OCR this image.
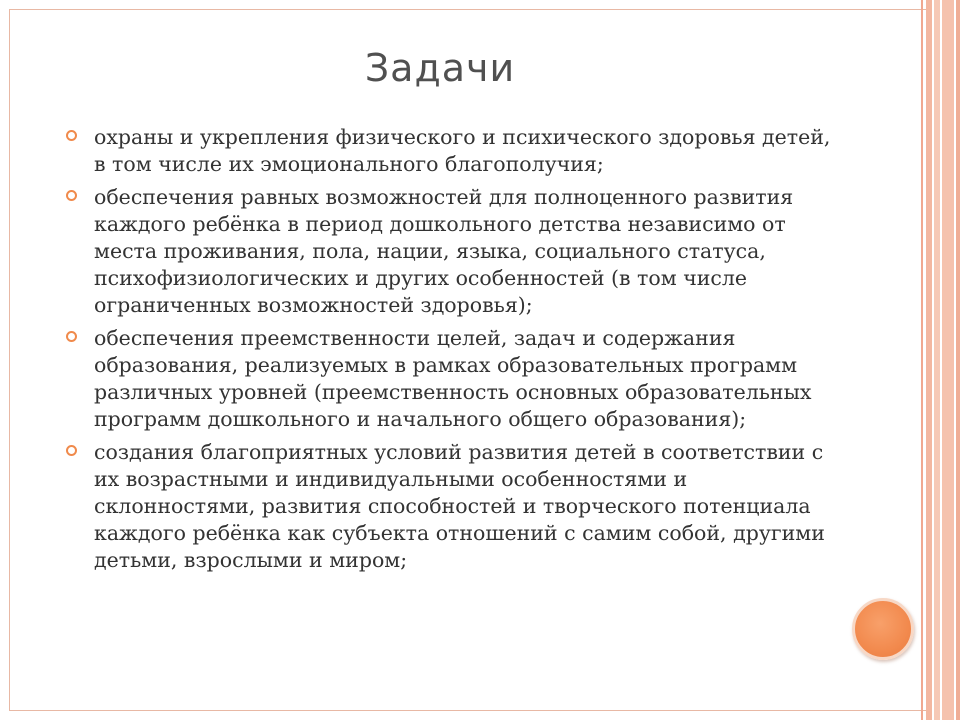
Задачи
охраны и укрепления физического и психического здоровья детей, в том числе их эмоционального благополучия;
обеспечения равных возможностей для полноценного развития каждого ребёнка в период дошкольного детства независимо от места проживания, пола, нации, языка, социального статуса, психофизиологических и других особенностей (в том числе ограниченных возможностей здоровья);
обеспечения преемственности целей, задач и содержания образования, реализуемых в рамках образовательных программ различных уровней (преемственность основных образовательных программ дошкольного и начального общего образования);
создания благоприятных условий развития детей в соответствии с их возрастными и индивидуальными особенностями и склонностями, развития способностей и творческого потенциала каждого ребёнка как субъекта отношений с самим собой, другими детьми, взрослыми и миром;
